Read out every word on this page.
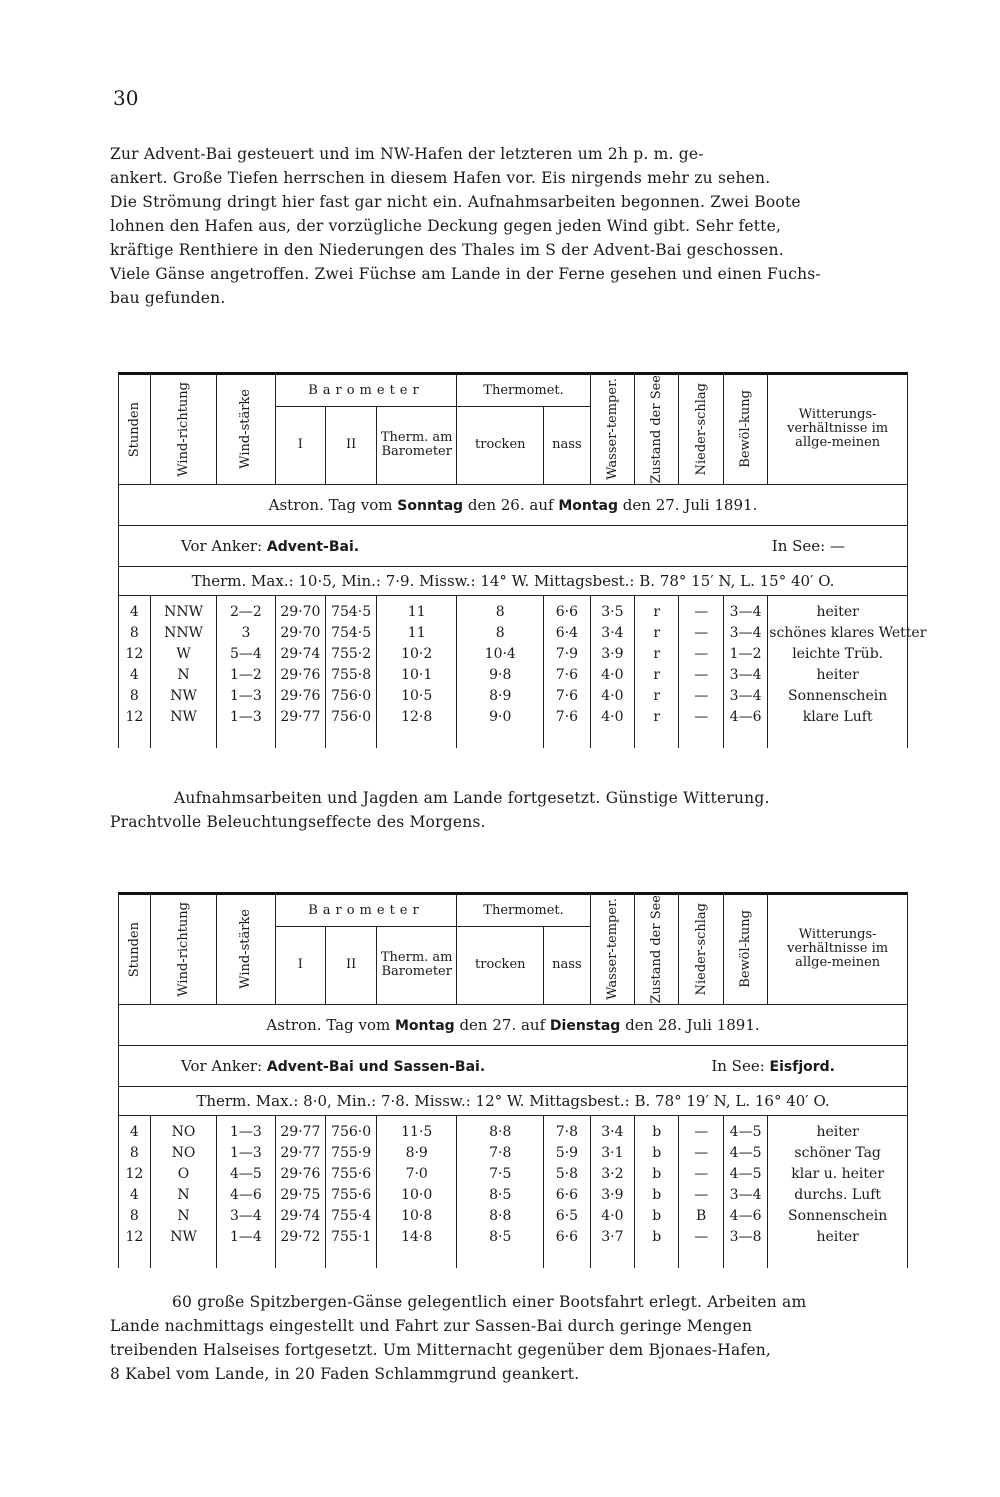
30
Zur Advent-Bai gesteuert und im NW-Hafen der letzteren um 2h p. m. ge-
ankert. Große Tiefen herrschen in diesem Hafen vor. Eis nirgends mehr zu sehen.
Die Strömung dringt hier fast gar nicht ein. Aufnahmsarbeiten begonnen. Zwei Boote
lohnen den Hafen aus, der vorzügliche Deckung gegen jeden Wind gibt. Sehr fette,
kräftige Renthiere in den Niederungen des Thales im S der Advent-Bai geschossen.
Viele Gänse angetroffen. Zwei Füchse am Lande in der Ferne gesehen und einen Fuchs-
bau gefunden.
Stunden	Wind-richtung	Wind-stärke	Barometer			Thermomet.		Wasser-temper.	Zustand der See	Nieder-schlag	Bewöl-kung	Witterungs-verhältnisse im allge-meinen
			I	II	Therm. am Barometer	trocken	nass					
Astron. Tag vom Sonntag den 26. auf Montag den 27. Juli 1891.												

Vor Anker: Advent-Bai. In See: —												

Therm. Max.: 10·5, Min.: 7·9. Missw.: 14° W. Mittagsbest.: B. 78° 15′ N, L. 15° 40′ O.												
4	NNW	2—2	29·70	754·5	11	8	6·6	3·5	r	—	3—4	heiter
8	NNW	3	29·70	754·5	11	8	6·4	3·4	r	—	3—4	schönes klares Wetter
12	W	5—4	29·74	755·2	10·2	10·4	7·9	3·9	r	—	1—2	leichte Trüb.
4	N	1—2	29·76	755·8	10·1	9·8	7·6	4·0	r	—	3—4	heiter
8	NW	1—3	29·76	756·0	10·5	8·9	7·6	4·0	r	—	3—4	Sonnenschein
12	NW	1—3	29·77	756·0	12·8	9·0	7·6	4·0	r	—	4—6	klare Luft
Aufnahmsarbeiten und Jagden am Lande fortgesetzt. Günstige Witterung.
Prachtvolle Beleuchtungseffecte des Morgens.
Stunden	Wind-richtung	Wind-stärke	Barometer			Thermomet.		Wasser-temper.	Zustand der See	Nieder-schlag	Bewöl-kung	Witterungs-verhältnisse im allge-meinen
			I	II	Therm. am Barometer	trocken	nass					
Astron. Tag vom Montag den 27. auf Dienstag den 28. Juli 1891.												

Vor Anker: Advent-Bai und Sassen-Bai. In See: Eisfjord.												

Therm. Max.: 8·0, Min.: 7·8. Missw.: 12° W. Mittagsbest.: B. 78° 19′ N, L. 16° 40′ O.												
4	NO	1—3	29·77	756·0	11·5	8·8	7·8	3·4	b	—	4—5	heiter
8	NO	1—3	29·77	755·9	8·9	7·8	5·9	3·1	b	—	4—5	schöner Tag
12	O	4—5	29·76	755·6	7·0	7·5	5·8	3·2	b	—	4—5	klar u. heiter
4	N	4—6	29·75	755·6	10·0	8·5	6·6	3·9	b	—	3—4	durchs. Luft
8	N	3—4	29·74	755·4	10·8	8·8	6·5	4·0	b	B	4—6	Sonnenschein
12	NW	1—4	29·72	755·1	14·8	8·5	6·6	3·7	b	—	3—8	heiter
60 große Spitzbergen-Gänse gelegentlich einer Bootsfahrt erlegt. Arbeiten am
Lande nachmittags eingestellt und Fahrt zur Sassen-Bai durch geringe Mengen
treibenden Halseises fortgesetzt. Um Mitternacht gegenüber dem Bjonaes-Hafen,
8 Kabel vom Lande, in 20 Faden Schlammgrund geankert.
